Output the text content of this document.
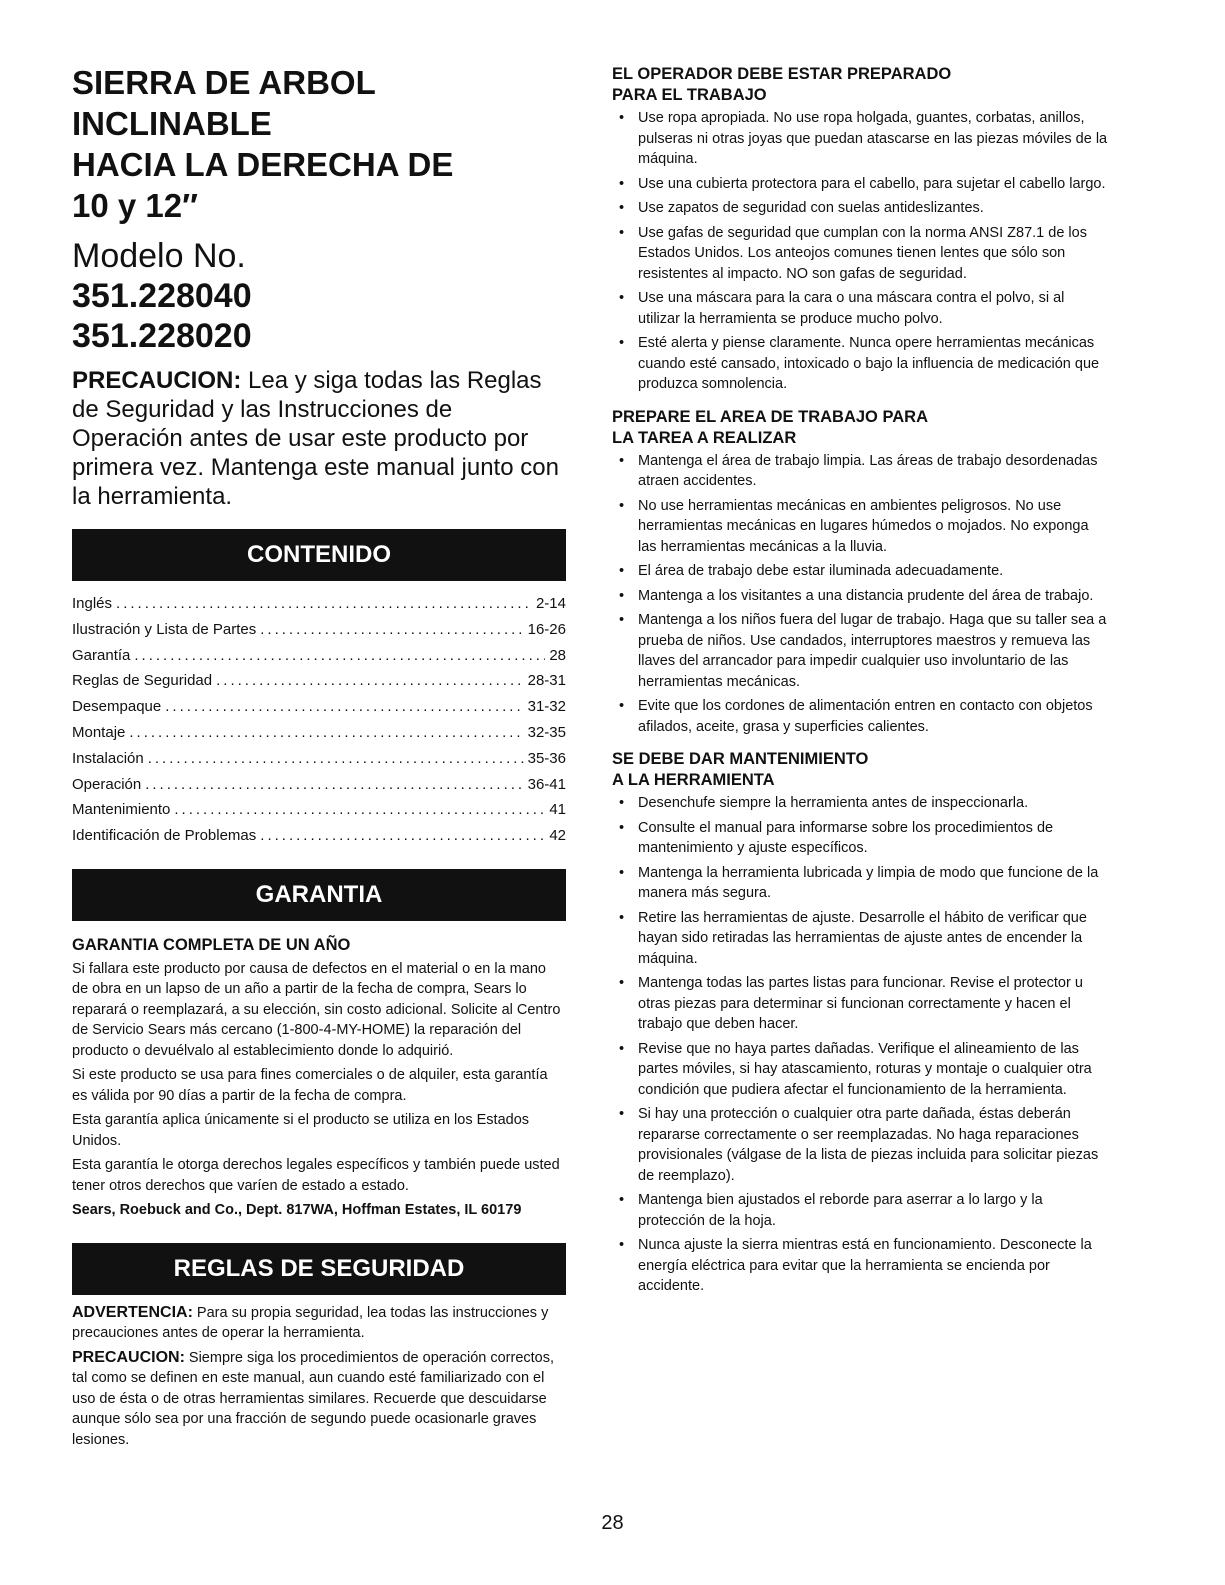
SIERRA DE ARBOL INCLINABLE
HACIA LA DERECHA DE
10 y 12″
Modelo No.
351.228040
351.228020
PRECAUCION: Lea y siga todas las Reglas de Seguridad y las Instrucciones de Operación antes de usar este producto por primera vez. Mantenga este manual junto con la herramienta.
CONTENIDO
Inglés .....	2-14
Ilustración y Lista de Partes .....	16-26
Garantía .....	28
Reglas de Seguridad .....	28-31
Desempaque .....	31-32
Montaje .....	32-35
Instalación .....	35-36
Operación .....	36-41
Mantenimiento .....	41
Identificación de Problemas .....	42
GARANTIA
GARANTIA COMPLETA DE UN AÑO

Si fallara este producto por causa de defectos en el material o en la mano de obra en un lapso de un año a partir de la fecha de compra, Sears lo reparará o reemplazará, a su elección, sin costo adicional. Solicite al Centro de Servicio Sears más cercano (1-800-4-MY-HOME) la reparación del producto o devuélvalo al establecimiento donde lo adquirió.

Si este producto se usa para fines comerciales o de alquiler, esta garantía es válida por 90 días a partir de la fecha de compra.

Esta garantía aplica únicamente si el producto se utiliza en los Estados Unidos.

Esta garantía le otorga derechos legales específicos y también puede usted tener otros derechos que varíen de estado a estado.

Sears, Roebuck and Co., Dept. 817WA, Hoffman Estates, IL 60179

REGLAS DE SEGURIDAD

ADVERTENCIA: Para su propia seguridad, lea todas las instrucciones y precauciones antes de operar la herramienta.

PRECAUCION: Siempre siga los procedimientos de operación correctos, tal como se definen en este manual, aun cuando esté familiarizado con el uso de ésta o de otras herramientas similares. Recuerde que descuidarse aunque sólo sea por una fracción de segundo puede ocasionarle graves lesiones.

EL OPERADOR DEBE ESTAR PREPARADO
PARA EL TRABAJO
• Use ropa apropiada. No use ropa holgada, guantes, corbatas, anillos, pulseras ni otras joyas que puedan atascarse en las piezas móviles de la máquina.
• Use una cubierta protectora para el cabello, para sujetar el cabello largo.
• Use zapatos de seguridad con suelas antideslizantes.
• Use gafas de seguridad que cumplan con la norma ANSI Z87.1 de los Estados Unidos. Los anteojos comunes tienen lentes que sólo son resistentes al impacto. NO son gafas de seguridad.
• Use una máscara para la cara o una máscara contra el polvo, si al utilizar la herramienta se produce mucho polvo.
• Esté alerta y piense claramente. Nunca opere herramientas mecánicas cuando esté cansado, intoxicado o bajo la influencia de medicación que produzca somnolencia.
PREPARE EL AREA DE TRABAJO PARA
LA TAREA A REALIZAR
• Mantenga el área de trabajo limpia. Las áreas de trabajo desordenadas atraen accidentes.
• No use herramientas mecánicas en ambientes peligrosos. No use herramientas mecánicas en lugares húmedos o mojados. No exponga las herramientas mecánicas a la lluvia.
• El área de trabajo debe estar iluminada adecuadamente.
• Mantenga a los visitantes a una distancia prudente del área de trabajo.
• Mantenga a los niños fuera del lugar de trabajo. Haga que su taller sea a prueba de niños. Use candados, interruptores maestros y remueva las llaves del arrancador para impedir cualquier uso involuntario de las herramientas mecánicas.
• Evite que los cordones de alimentación entren en contacto con objetos afilados, aceite, grasa y superficies calientes.
SE DEBE DAR MANTENIMIENTO
A LA HERRAMIENTA
• Desenchufe siempre la herramienta antes de inspeccionarla.
• Consulte el manual para informarse sobre los procedimientos de mantenimiento y ajuste específicos.
• Mantenga la herramienta lubricada y limpia de modo que funcione de la manera más segura.
• Retire las herramientas de ajuste. Desarrolle el hábito de verificar que hayan sido retiradas las herramientas de ajuste antes de encender la máquina.
• Mantenga todas las partes listas para funcionar. Revise el protector u otras piezas para determinar si funcionan correctamente y hacen el trabajo que deben hacer.
• Revise que no haya partes dañadas. Verifique el alineamiento de las partes móviles, si hay atascamiento, roturas y montaje o cualquier otra condición que pudiera afectar el funcionamiento de la herramienta.
• Si hay una protección o cualquier otra parte dañada, éstas deberán repararse correctamente o ser reemplazadas. No haga reparaciones provisionales (válgase de la lista de piezas incluida para solicitar piezas de reemplazo).
• Mantenga bien ajustados el reborde para aserrar a lo largo y la protección de la hoja.
• Nunca ajuste la sierra mientras está en funcionamiento. Desconecte la energía eléctrica para evitar que la herramienta se encienda por accidente.
28
